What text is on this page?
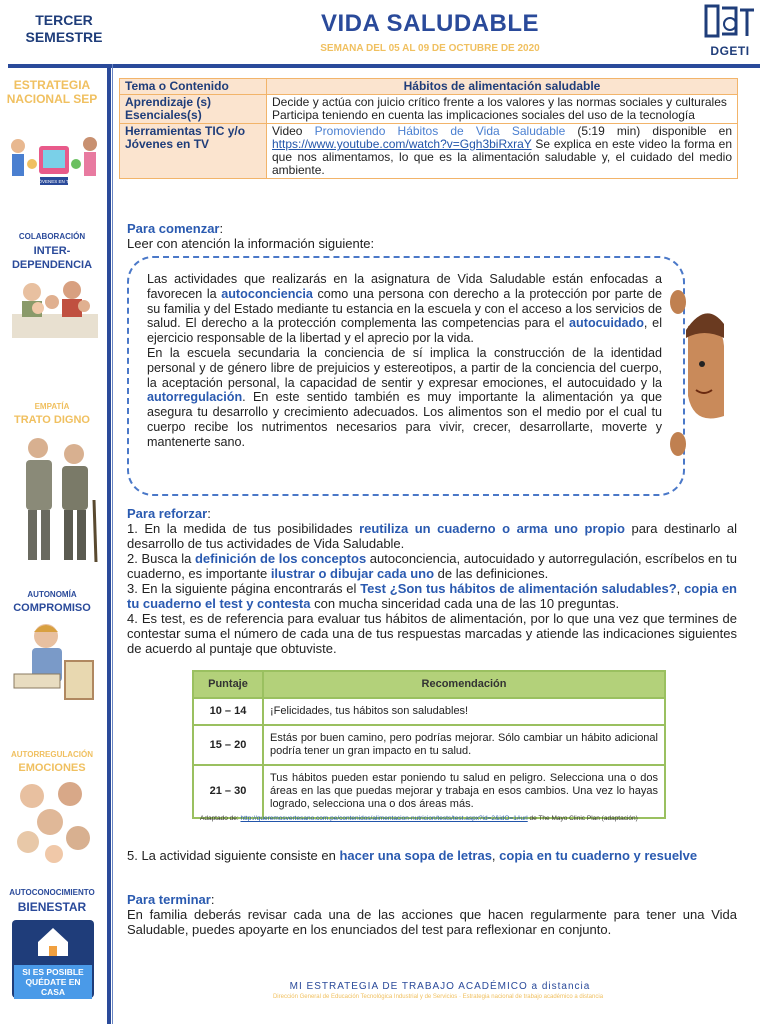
TERCER SEMESTRE	VIDA SALUDABLE
SEMANA DEL 05 AL 09 DE OCTUBRE DE 2020	DGETI
ESTRATEGIA NACIONAL SEP
JÓVENES EN TV
COLABORACIÓN
INTER-DEPENDENCIA
EMPATÍA
TRATO DIGNO
AUTONOMÍA
COMPROMISO
AUTORREGULACIÓN
EMOCIONES
AUTOCONOCIMIENTO
BIENESTAR
SI ES POSIBLE QUÉDATE EN CASA
#OperativoEscudo
Tema o Contenido	Hábitos de alimentación saludable
Aprendizaje (s) Esenciales(s)	Decide y actúa con juicio crítico frente a los valores y las normas sociales y culturales
Participa teniendo en cuenta las implicaciones sociales del uso de la tecnología

Herramientas TIC y/o Jóvenes en TV	Video Promoviendo Hábitos de Vida Saludable (5:19 min) disponible en https://www.youtube.com/watch?v=Ggh3biRxraY Se explica en este video la forma en que nos alimentamos, lo que es la alimentación saludable y, el cuidado del medio ambiente.
Para comenzar:
Leer con atención la información siguiente:
Las actividades que realizarás en la asignatura de Vida Saludable están enfocadas a favorecen la autoconciencia como una persona con derecho a la protección por parte de su familia y del Estado mediante tu estancia en la escuela y con el acceso a los servicios de salud. El derecho a la protección complementa las competencias para el autocuidado, el ejercicio responsable de la libertad y el aprecio por la vida.
En la escuela secundaria la conciencia de sí implica la construcción de la identidad personal y de género libre de prejuicios y estereotipos, a partir de la conciencia del cuerpo, la aceptación personal, la capacidad de sentir y expresar emociones, el autocuidado y la autorregulación. En este sentido también es muy importante la alimentación ya que asegura tu desarrollo y crecimiento adecuados. Los alimentos son el medio por el cual tu cuerpo recibe los nutrimentos necesarios para vivir, crecer, desarrollarte, moverte y mantenerte sano.
Para reforzar:
1. En la medida de tus posibilidades reutiliza un cuaderno o arma uno propio para destinarlo al desarrollo de tus actividades de Vida Saludable.
2. Busca la definición de los conceptos autoconciencia, autocuidado y autorregulación, escríbelos en tu cuaderno, es importante ilustrar o dibujar cada uno de las definiciones.
3. En la siguiente página encontrarás el Test ¿Son tus hábitos de alimentación saludables?, copia en tu cuaderno el test y contesta con mucha sinceridad cada una de las 10 preguntas.
4. Es test, es de referencia para evaluar tus hábitos de alimentación, por lo que una vez que termines de contestar suma el número de cada una de tus respuestas marcadas y atiende las indicaciones siguientes de acuerdo al puntaje que obtuviste.
Puntaje	Recomendación
10 – 14	¡Felicidades, tus hábitos son saludables!
15 – 20	Estás por buen camino, pero podrías mejorar. Sólo cambiar un hábito adicional podría tener un gran impacto en tu salud.
21 – 30	Tus hábitos pueden estar poniendo tu salud en peligro. Selecciona una o dos áreas en las que puedas mejorar y trabaja en esos cambios. Una vez lo hayas logrado, selecciona una o dos áreas más.
Adaptado de: http://queremosvertesano.com.pe/contenidos/alimentacion-nutricion/tests/test.aspx?id=2&idO=1#url de The Mayo Clinic Plan (adaptación)
5. La actividad siguiente consiste en hacer una sopa de letras, copia en tu cuaderno y resuelve
Para terminar:
En familia deberás revisar cada una de las acciones que hacen regularmente para tener una Vida Saludable, puedes apoyarte en los enunciados del test para reflexionar en conjunto.
MI ESTRATEGIA DE TRABAJO ACADÉMICO a distancia
Dirección General de Educación Tecnológica Industrial y de Servicios · Estrategia nacional de trabajo académico a distancia
